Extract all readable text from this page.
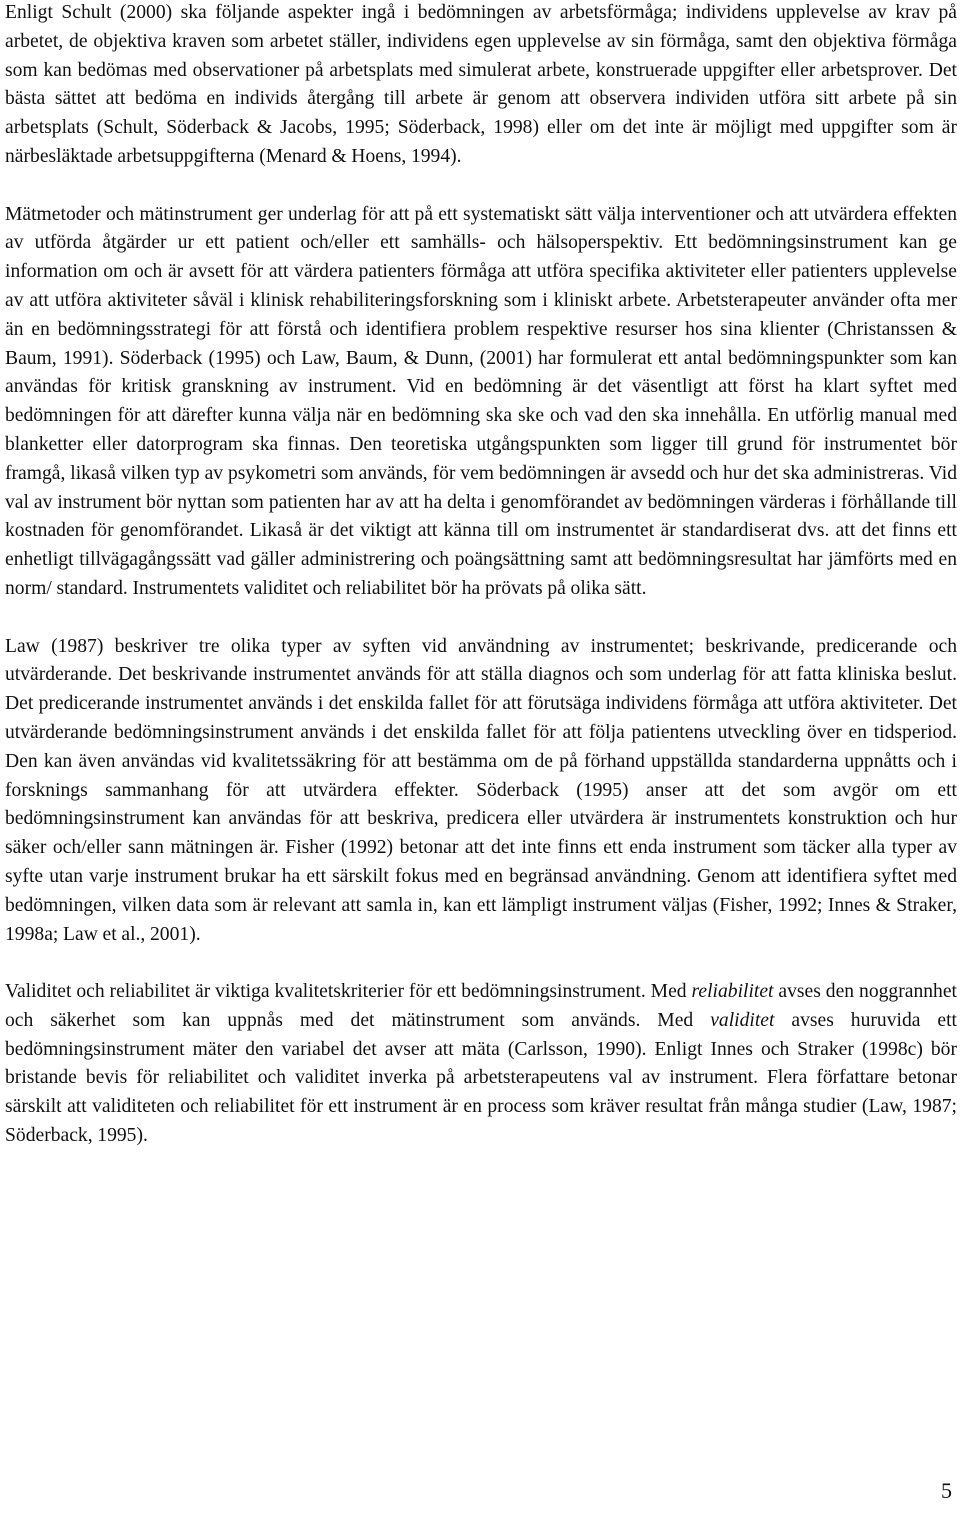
Enligt Schult (2000) ska följande aspekter ingå i bedömningen av arbetsförmåga; individens upplevelse av krav på arbetet, de objektiva kraven som arbetet ställer, individens egen upplevelse av sin förmåga, samt den objektiva förmåga som kan bedömas med observationer på arbetsplats med simulerat arbete, konstruerade uppgifter eller arbetsprover. Det bästa sättet att bedöma en individs återgång till arbete är genom att observera individen utföra sitt arbete på sin arbetsplats (Schult, Söderback & Jacobs, 1995; Söderback, 1998) eller om det inte är möjligt med uppgifter som är närbesläktade arbetsuppgifterna (Menard & Hoens, 1994).

Mätmetoder och mätinstrument ger underlag för att på ett systematiskt sätt välja interventioner och att utvärdera effekten av utförda åtgärder ur ett patient och/eller ett samhälls- och hälsoperspektiv. Ett bedömningsinstrument kan ge information om och är avsett för att värdera patienters förmåga att utföra specifika aktiviteter eller patienters upplevelse av att utföra aktiviteter såväl i klinisk rehabiliteringsforskning som i kliniskt arbete. Arbetsterapeuter använder ofta mer än en bedömningsstrategi för att förstå och identifiera problem respektive resurser hos sina klienter (Christanssen & Baum, 1991). Söderback (1995) och Law, Baum, & Dunn, (2001) har formulerat ett antal bedömningspunkter som kan användas för kritisk granskning av instrument. Vid en bedömning är det väsentligt att först ha klart syftet med bedömningen för att därefter kunna välja när en bedömning ska ske och vad den ska innehålla. En utförlig manual med blanketter eller datorprogram ska finnas. Den teoretiska utgångspunkten som ligger till grund för instrumentet bör framgå, likaså vilken typ av psykometri som används, för vem bedömningen är avsedd och hur det ska administreras. Vid val av instrument bör nyttan som patienten har av att ha delta i genomförandet av bedömningen värderas i förhållande till kostnaden för genomförandet. Likaså är det viktigt att känna till om instrumentet är standardiserat dvs. att det finns ett enhetligt tillvägagångssätt vad gäller administrering och poängsättning samt att bedömningsresultat har jämförts med en norm/ standard. Instrumentets validitet och reliabilitet bör ha prövats på olika sätt.

Law (1987) beskriver tre olika typer av syften vid användning av instrumentet; beskrivande, predicerande och utvärderande. Det beskrivande instrumentet används för att ställa diagnos och som underlag för att fatta kliniska beslut. Det predicerande instrumentet används i det enskilda fallet för att förutsäga individens förmåga att utföra aktiviteter. Det utvärderande bedömningsinstrument används i det enskilda fallet för att följa patientens utveckling över en tidsperiod. Den kan även användas vid kvalitetssäkring för att bestämma om de på förhand uppställda standarderna uppnåtts och i forsknings sammanhang för att utvärdera effekter. Söderback (1995) anser att det som avgör om ett bedömningsinstrument kan användas för att beskriva, predicera eller utvärdera är instrumentets konstruktion och hur säker och/eller sann mätningen är. Fisher (1992) betonar att det inte finns ett enda instrument som täcker alla typer av syfte utan varje instrument brukar ha ett särskilt fokus med en begränsad användning. Genom att identifiera syftet med bedömningen, vilken data som är relevant att samla in, kan ett lämpligt instrument väljas (Fisher, 1992; Innes & Straker, 1998a; Law et al., 2001).

Validitet och reliabilitet är viktiga kvalitetskriterier för ett bedömningsinstrument. Med reliabilitet avses den noggrannhet och säkerhet som kan uppnås med det mätinstrument som används. Med validitet avses huruvida ett bedömningsinstrument mäter den variabel det avser att mäta (Carlsson, 1990). Enligt Innes och Straker (1998c) bör bristande bevis för reliabilitet och validitet inverka på arbetsterapeutens val av instrument. Flera författare betonar särskilt att validiteten och reliabilitet för ett instrument är en process som kräver resultat från många studier (Law, 1987; Söderback, 1995).

5
